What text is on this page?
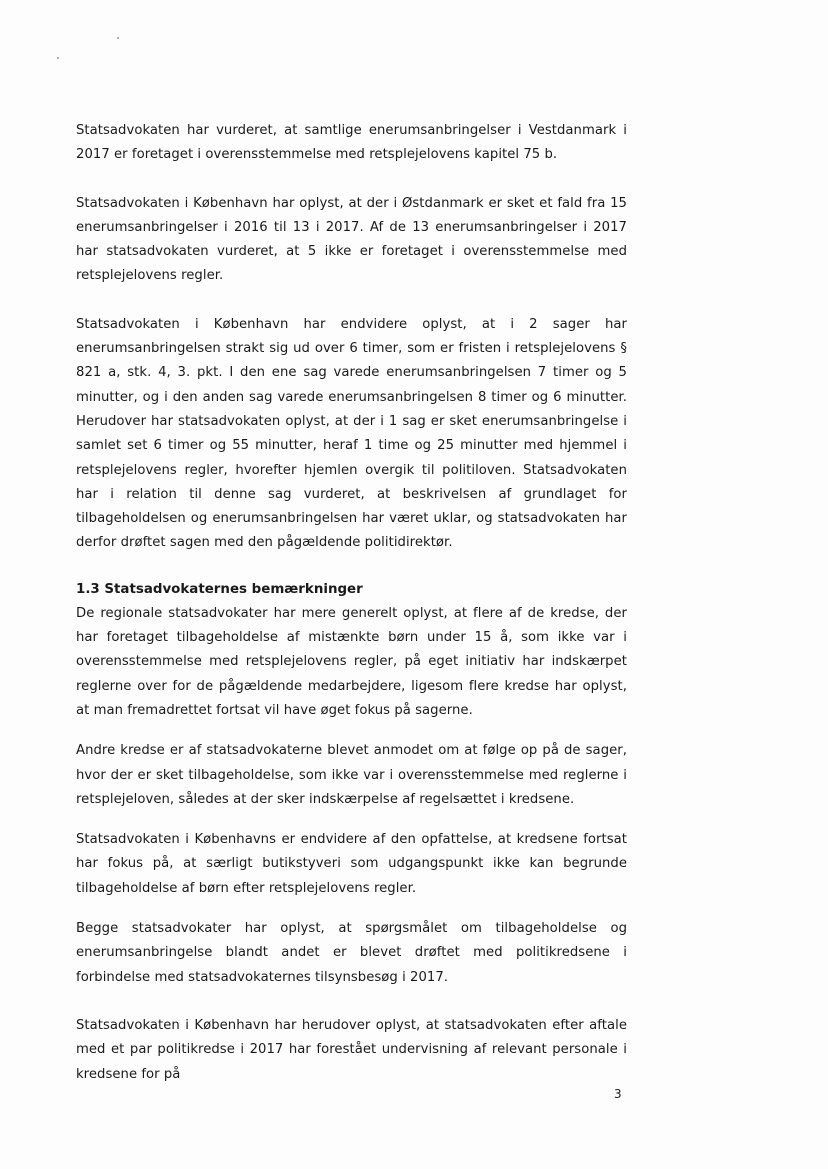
Statsadvokaten har vurderet, at samtlige enerumsanbringelser i Vestdanmark i 2017 er foretaget i overensstemmelse med retsplejelovens kapitel 75 b.

Statsadvokaten i København har oplyst, at der i Østdanmark er sket et fald fra 15 enerumsanbringelser i 2016 til 13 i 2017. Af de 13 enerumsanbringelser i 2017 har statsadvokaten vurderet, at 5 ikke er foretaget i overensstemmelse med retsplejelovens regler.

Statsadvokaten i København har endvidere oplyst, at i 2 sager har enerumsanbringelsen strakt sig ud over 6 timer, som er fristen i retsplejelovens § 821 a, stk. 4, 3. pkt. I den ene sag varede enerumsanbringelsen 7 timer og 5 minutter, og i den anden sag varede enerumsanbringelsen 8 timer og 6 minutter. Herudover har statsadvokaten oplyst, at der i 1 sag er sket enerumsanbringelse i samlet set 6 timer og 55 minutter, heraf 1 time og 25 minutter med hjemmel i retsplejelovens regler, hvorefter hjemlen overgik til politiloven. Statsadvokaten har i relation til denne sag vurderet, at beskrivelsen af grundlaget for tilbageholdelsen og enerumsanbringelsen har været uklar, og statsadvokaten har derfor drøftet sagen med den pågældende politidirektør.

1.3 Statsadvokaternes bemærkninger

De regionale statsadvokater har mere generelt oplyst, at flere af de kredse, der har foretaget tilbageholdelse af mistænkte børn under 15 å, som ikke var i overensstemmelse med retsplejelovens regler, på eget initiativ har indskærpet reglerne over for de pågældende medarbejdere, ligesom flere kredse har oplyst, at man fremadrettet fortsat vil have øget fokus på sagerne.

Andre kredse er af statsadvokaterne blevet anmodet om at følge op på de sager, hvor der er sket tilbageholdelse, som ikke var i overensstemmelse med reglerne i retsplejeloven, således at der sker indskærpelse af regelsættet i kredsene.

Statsadvokaten i Københavns er endvidere af den opfattelse, at kredsene fortsat har fokus på, at særligt butikstyveri som udgangspunkt ikke kan begrunde tilbageholdelse af børn efter retsplejelovens regler.

Begge statsadvokater har oplyst, at spørgsmålet om tilbageholdelse og enerumsanbringelse blandt andet er blevet drøftet med politikredsene i forbindelse med statsadvokaternes tilsynsbesøg i 2017.

Statsadvokaten i København har herudover oplyst, at statsadvokaten efter aftale med et par politikredse i 2017 har forestået undervisning af relevant personale i kredsene for på

3
